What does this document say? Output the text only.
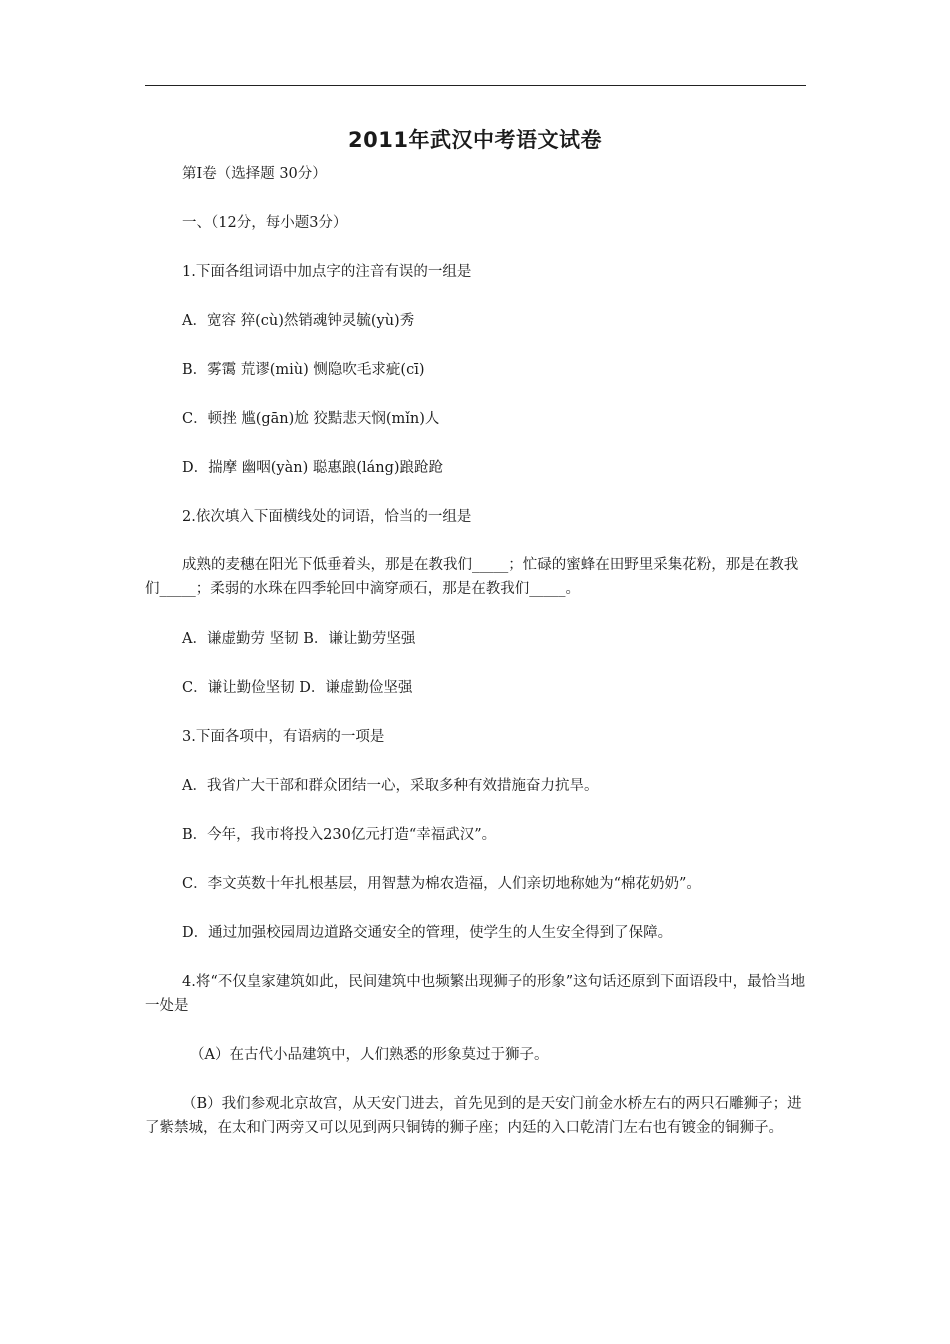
2011年武汉中考语文试卷
第Ⅰ卷（选择题 30分）
一、（12分，每小题3分）
1.下面各组词语中加点字的注音有误的一组是
A．宽容 猝(cù)然销魂钟灵毓(yù)秀
B．雾霭 荒谬(miù) 恻隐吹毛求疵(cī)
C．顿挫 尴(gān)尬 狡黠悲天悯(mǐn)人
D．揣摩 幽咽(yàn) 聪惠踉(láng)踉跄跄
2.依次填入下面横线处的词语，恰当的一组是
成熟的麦穗在阳光下低垂着头，那是在教我们_____；忙碌的蜜蜂在田野里采集花粉，那是在教我们_____；柔弱的水珠在四季轮回中滴穿顽石，那是在教我们_____。
A．谦虚勤劳 坚韧 B．谦让勤劳坚强
C．谦让勤俭坚韧 D．谦虚勤俭坚强
3.下面各项中，有语病的一项是
A．我省广大干部和群众团结一心，采取多种有效措施奋力抗旱。
B．今年，我市将投入230亿元打造“幸福武汉”。
C．李文英数十年扎根基层，用智慧为棉农造福，人们亲切地称她为“棉花奶奶”。
D．通过加强校园周边道路交通安全的管理，使学生的人生安全得到了保障。
4.将“不仅皇家建筑如此，民间建筑中也频繁出现狮子的形象”这句话还原到下面语段中，最恰当地一处是
（A）在古代小品建筑中，人们熟悉的形象莫过于狮子。
（B）我们参观北京故宫，从天安门进去，首先见到的是天安门前金水桥左右的两只石雕狮子；进了紫禁城，在太和门两旁又可以见到两只铜铸的狮子座；内廷的入口乾清门左右也有镀金的铜狮子。
